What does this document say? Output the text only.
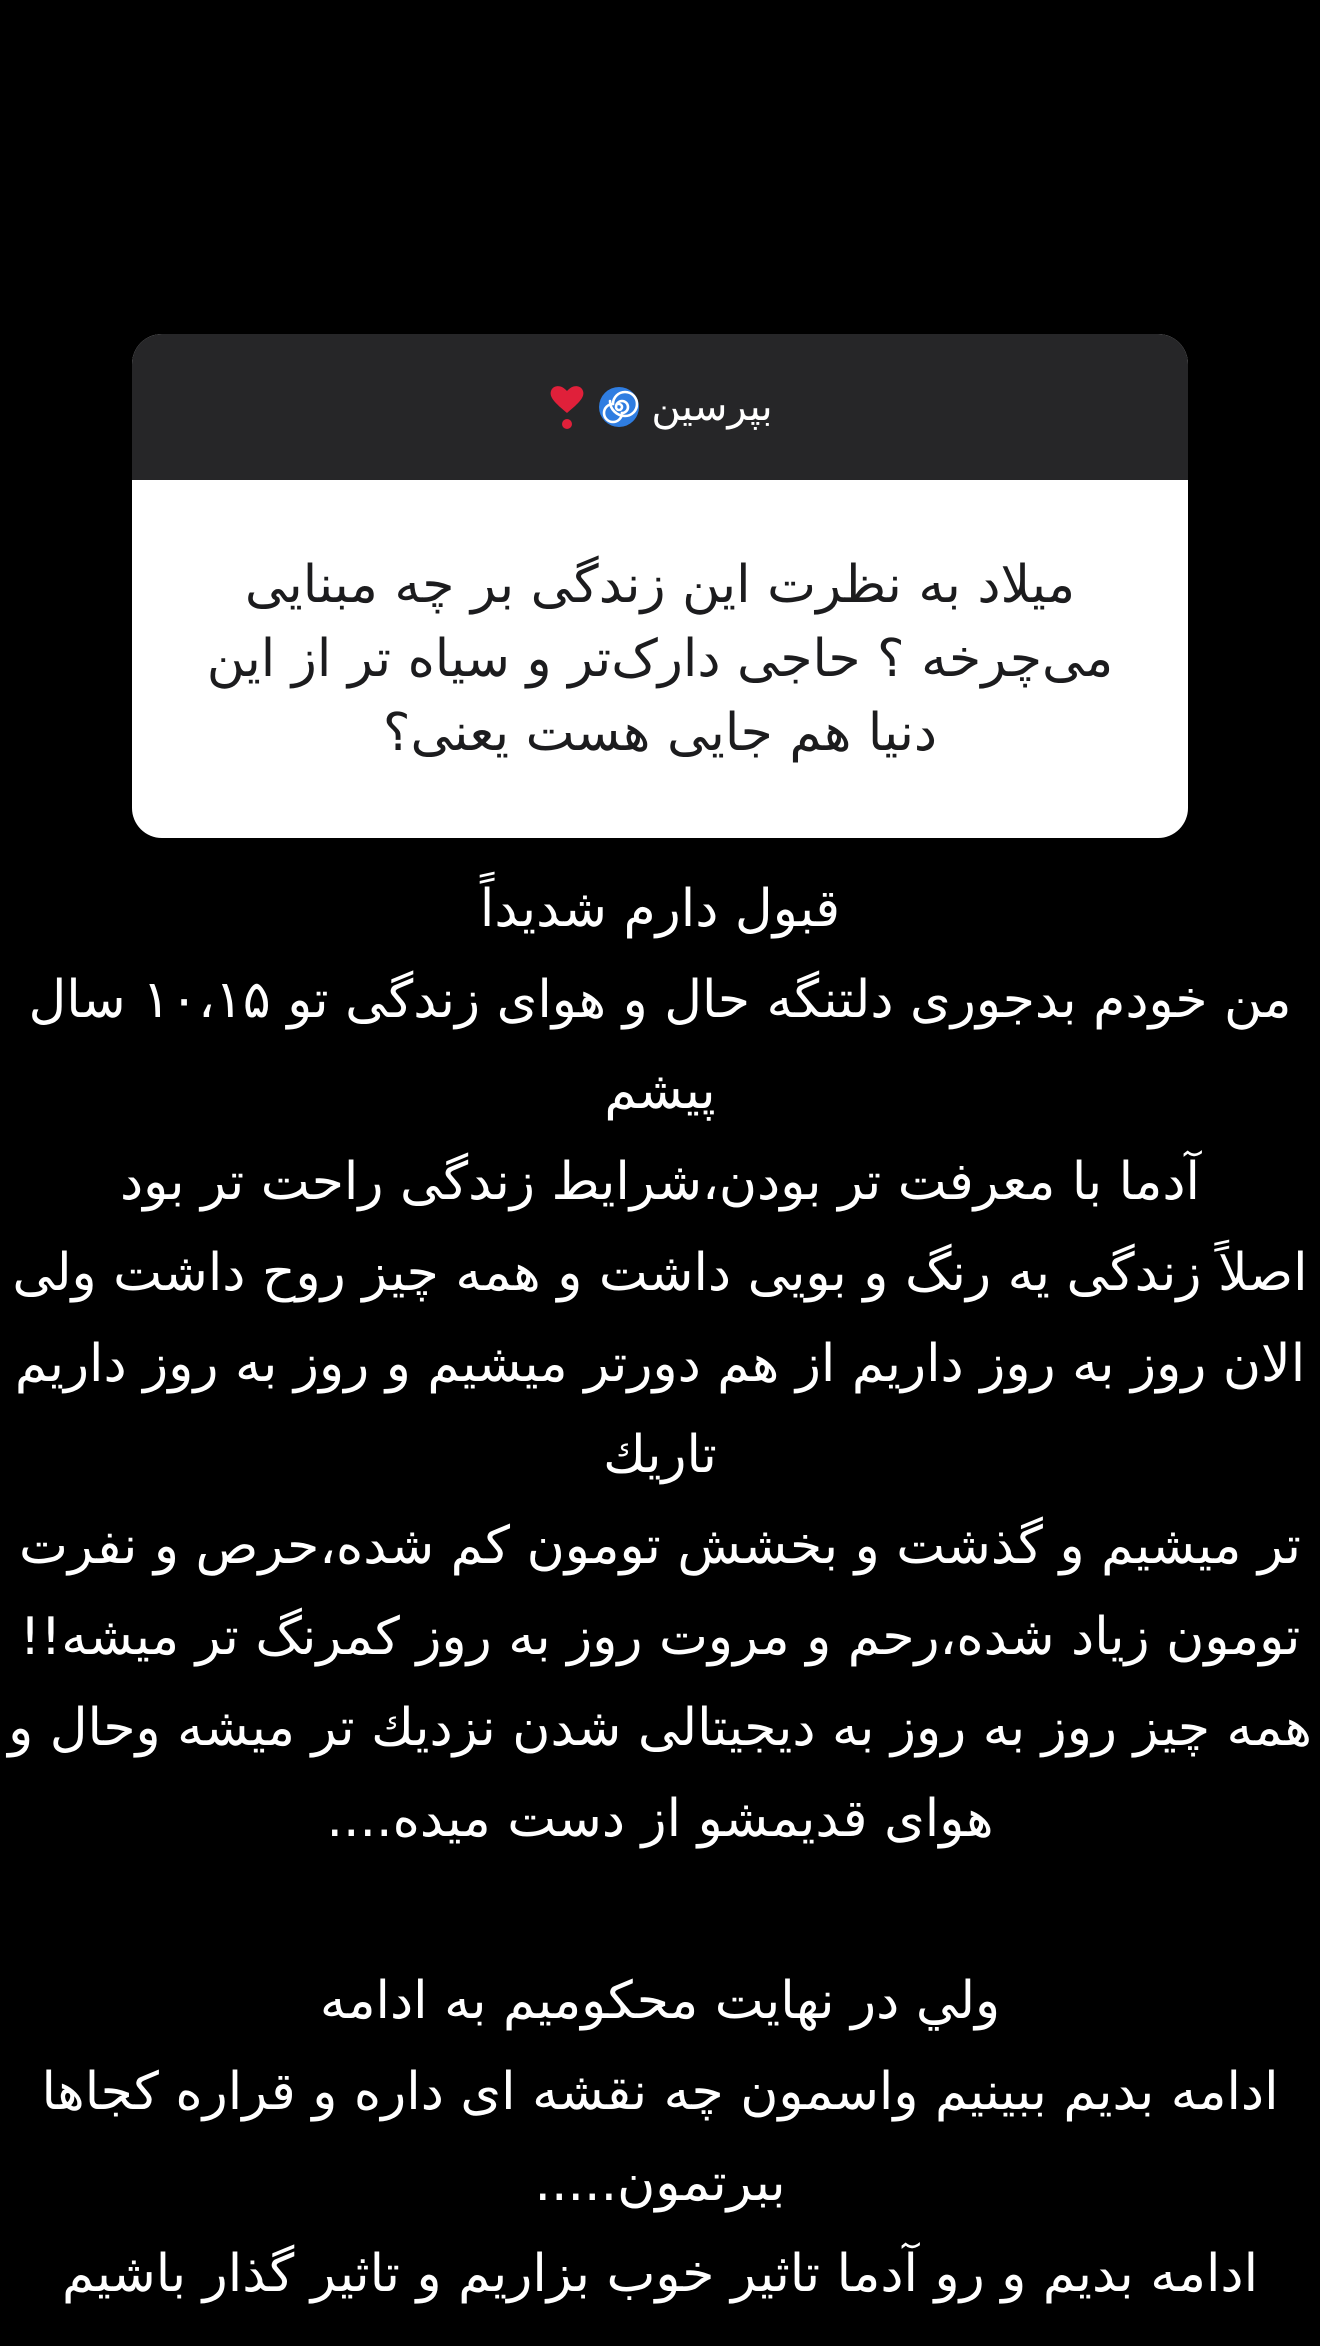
بپرسین

میلاد به نظرت این زندگی بر چه مبنایی
می‌چرخه ؟ حاجی دارک‌تر و سیاه تر از این
دنیا هم جایی هست یعنی؟

قبول دارم شدیداً
من خودم بدجوری دلتنگه حال و هوای زندگی تو ۱۰،۱۵ سال
پیشم
آدما با معرفت تر بودن،شرایط زندگی راحت تر بود
اصلاً زندگی یه رنگ و بویی داشت و همه چیز روح داشت ولی
الان روز به روز داریم از هم دورتر میشیم و روز به روز داریم تاریك
تر میشیم و گذشت و بخشش تومون کم شده،حرص و نفرت
تومون زیاد شده،رحم و مروت روز به روز کمرنگ تر میشه!!
همه چیز روز به روز به دیجیتالی شدن نزدیك تر میشه وحال و
هوای قدیمشو از دست میده....
ولي در نهایت محکومیم به ادامه
ادامه بدیم ببینیم واسمون چه نقشه ای داره و قراره کجاها
ببرتمون.....
ادامه بدیم و رو آدما تاثیر خوب بزاریم و تاثیر گذار باشیم
